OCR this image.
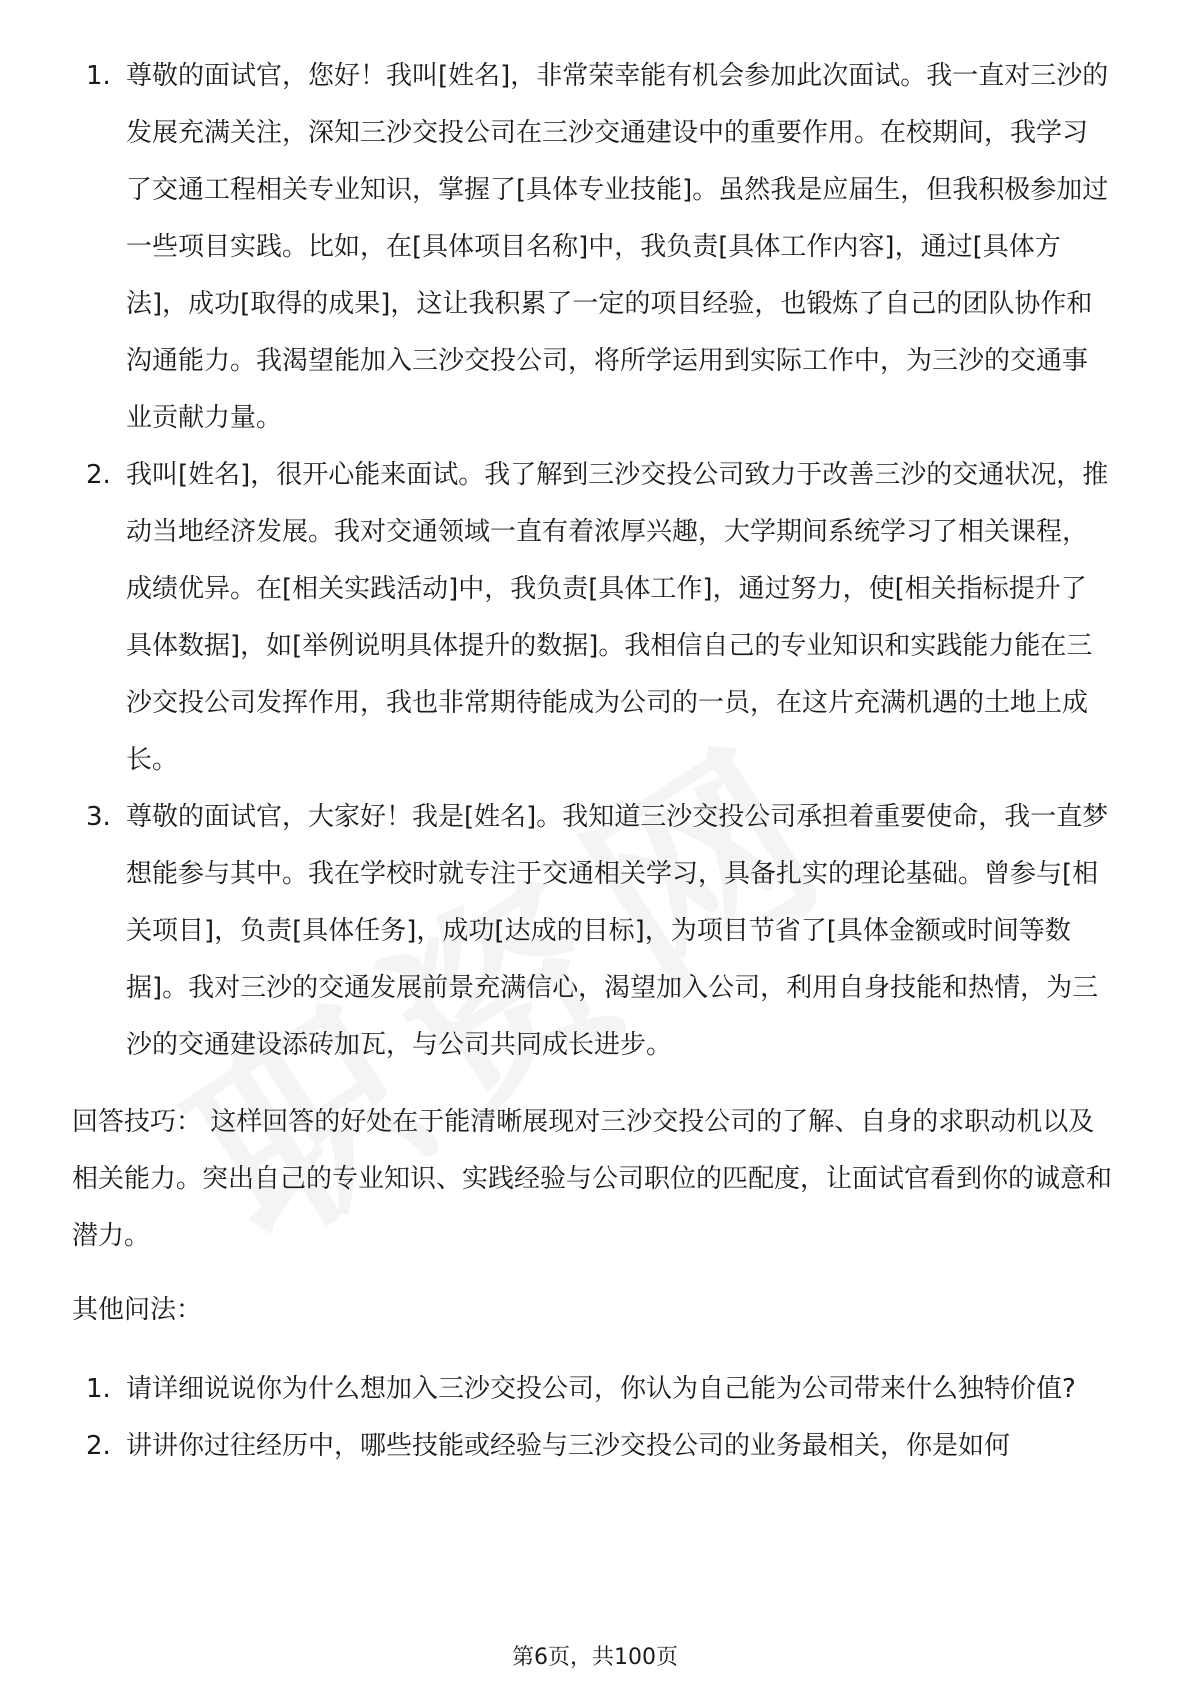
1. 尊敬的面试官，您好！我叫[姓名]，非常荣幸能有机会参加此次面试。我一直对三沙的发展充满关注，深知三沙交投公司在三沙交通建设中的重要作用。在校期间，我学习了交通工程相关专业知识，掌握了[具体专业技能]。虽然我是应届生，但我积极参加过一些项目实践。比如，在[具体项目名称]中，我负责[具体工作内容]，通过[具体方法]，成功[取得的成果]，这让我积累了一定的项目经验，也锻炼了自己的团队协作和沟通能力。我渴望能加入三沙交投公司，将所学运用到实际工作中，为三沙的交通事业贡献力量。
2. 我叫[姓名]，很开心能来面试。我了解到三沙交投公司致力于改善三沙的交通状况，推动当地经济发展。我对交通领域一直有着浓厚兴趣，大学期间系统学习了相关课程，成绩优异。在[相关实践活动]中，我负责[具体工作]，通过努力，使[相关指标提升了具体数据]，如[举例说明具体提升的数据]。我相信自己的专业知识和实践能力能在三沙交投公司发挥作用，我也非常期待能成为公司的一员，在这片充满机遇的土地上成长。
3. 尊敬的面试官，大家好！我是[姓名]。我知道三沙交投公司承担着重要使命，我一直梦想能参与其中。我在学校时就专注于交通相关学习，具备扎实的理论基础。曾参与[相关项目]，负责[具体任务]，成功[达成的目标]，为项目节省了[具体金额或时间等数据]。我对三沙的交通发展前景充满信心，渴望加入公司，利用自身技能和热情，为三沙的交通建设添砖加瓦，与公司共同成长进步。

回答技巧： 这样回答的好处在于能清晰展现对三沙交投公司的了解、自身的求职动机以及相关能力。突出自己的专业知识、实践经验与公司职位的匹配度，让面试官看到你的诚意和潜力。

其他问法：

1. 请详细说说你为什么想加入三沙交投公司，你认为自己能为公司带来什么独特价值?
2. 讲讲你过往经历中，哪些技能或经验与三沙交投公司的业务最相关，你是如何
第6页，共100页
